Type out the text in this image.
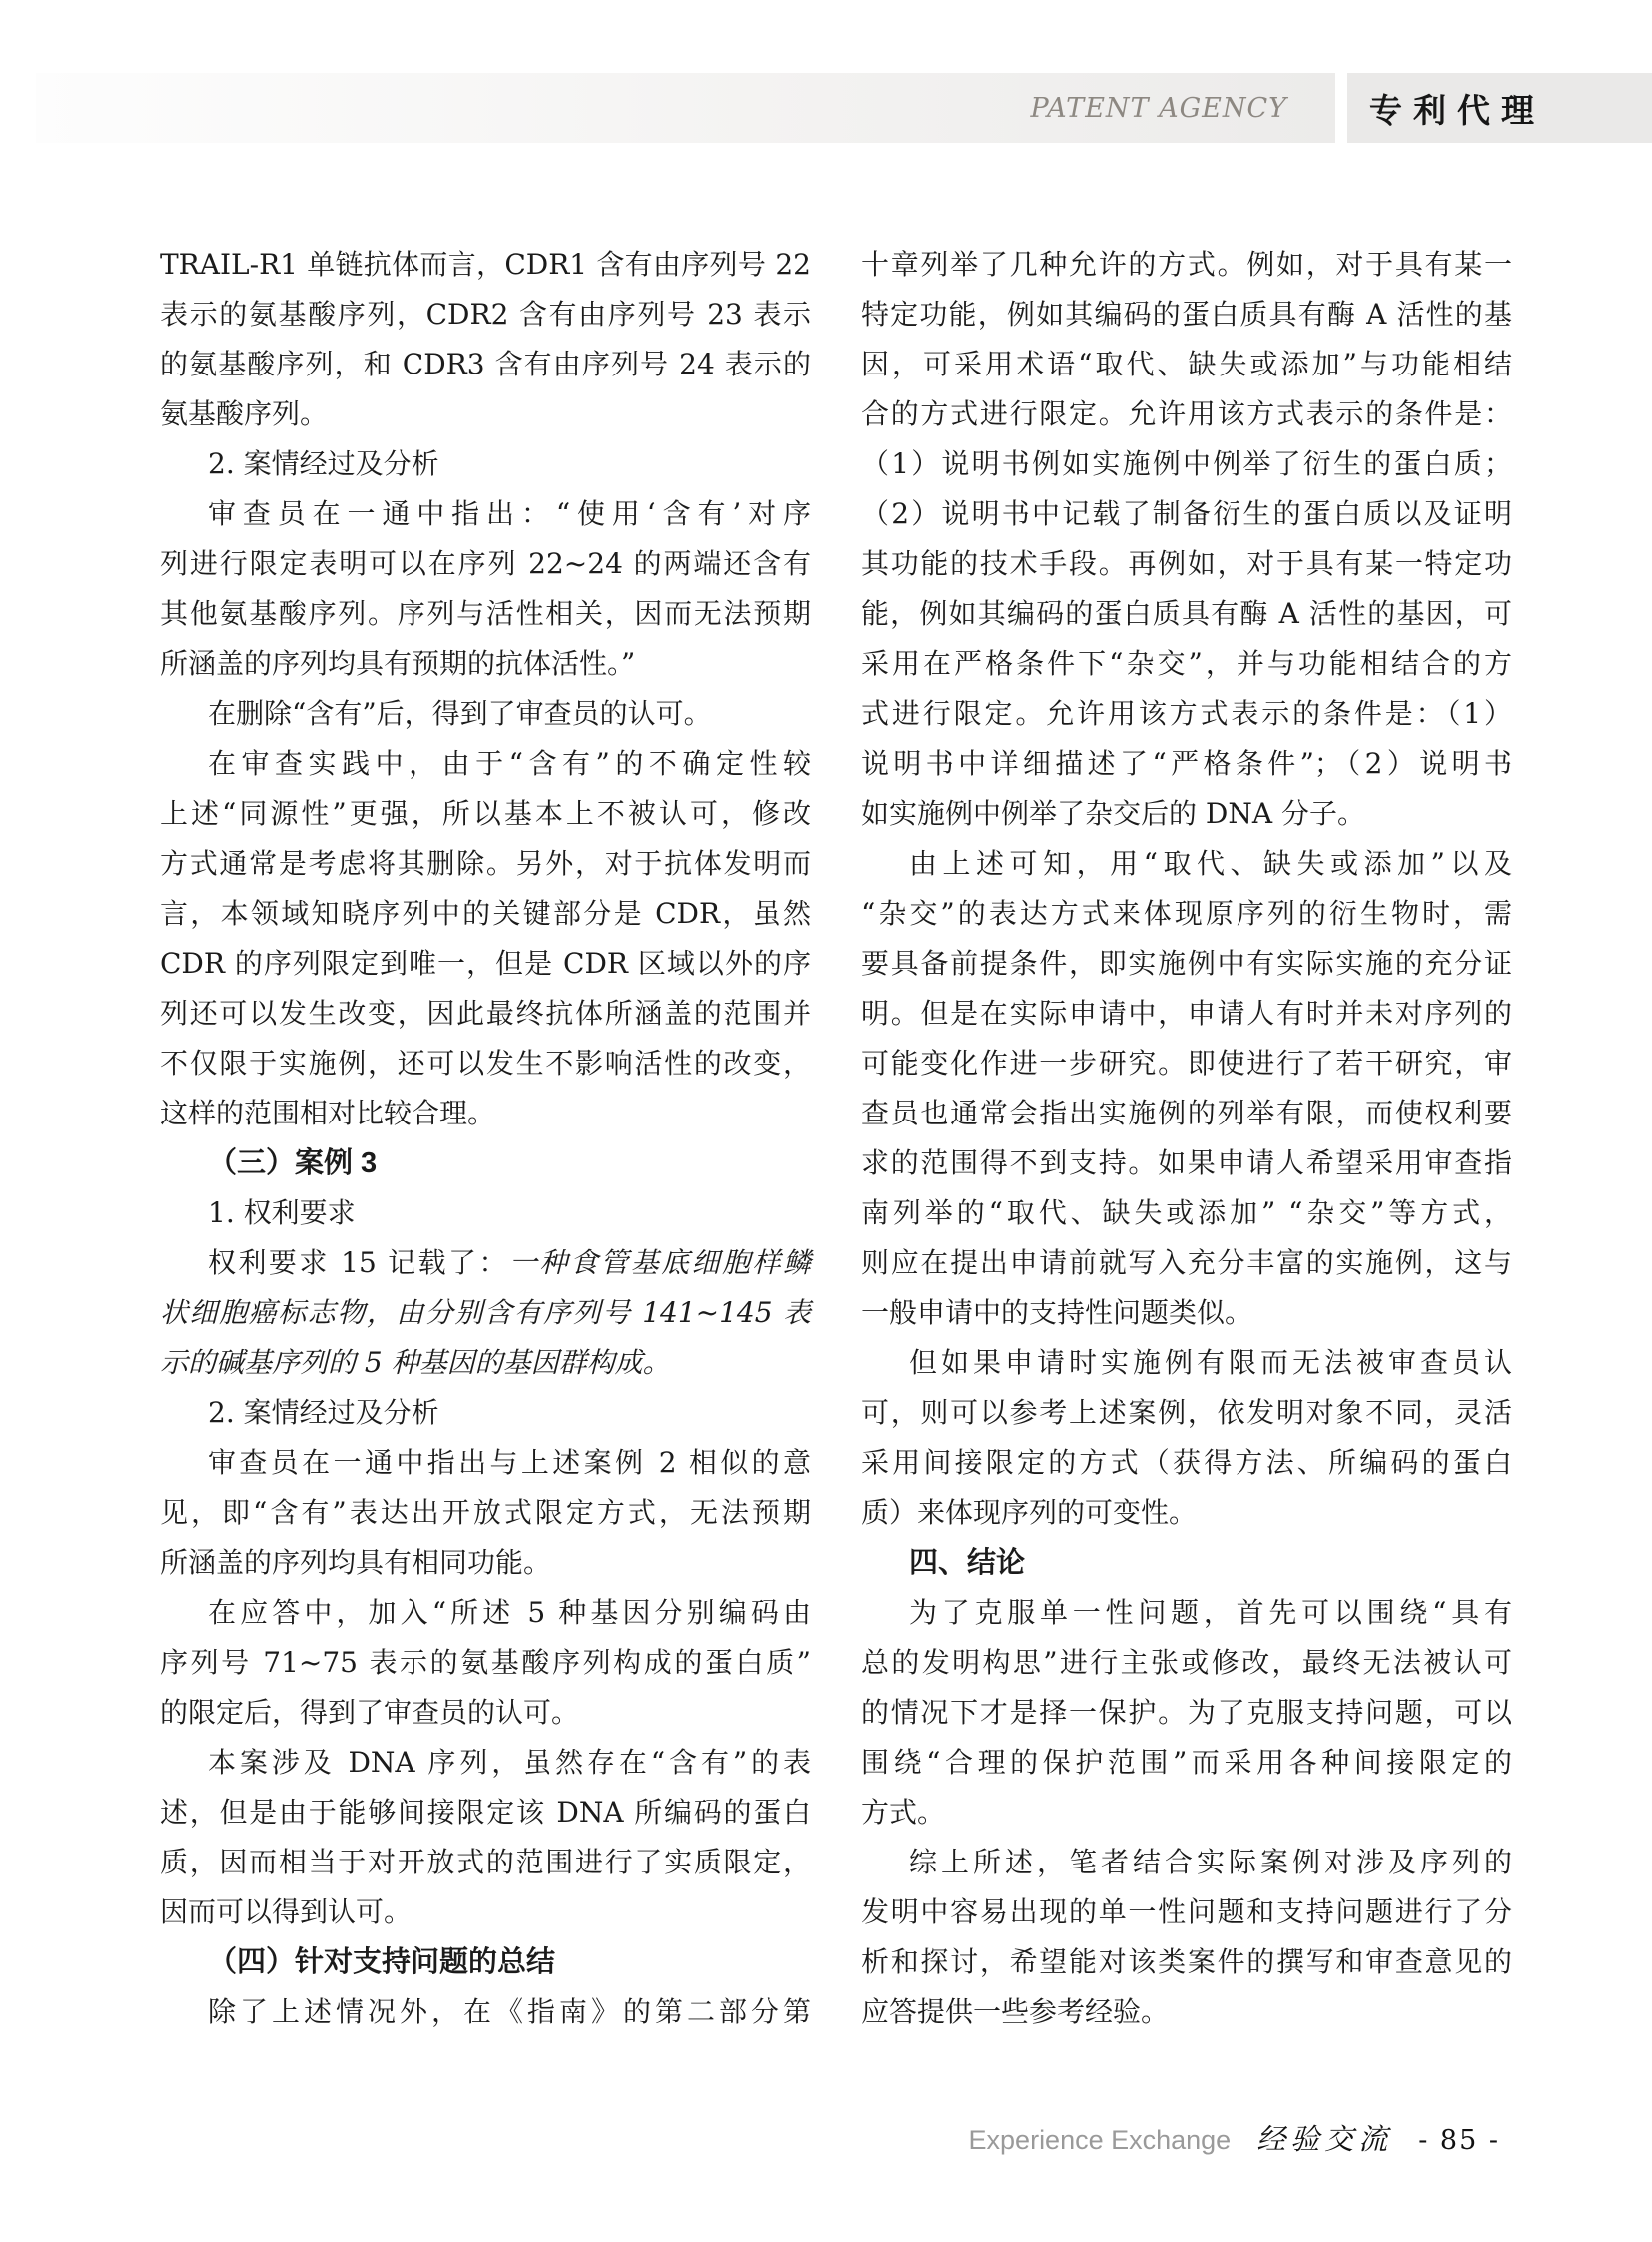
PATENT AGENCY	专利代理
TRAIL-R1 单链抗体而言，CDR1 含有由序列号 22
表示的氨基酸序列，CDR2 含有由序列号 23 表示
的氨基酸序列，和 CDR3 含有由序列号 24 表示的
氨基酸序列。
2. 案情经过及分析
审查员在一通中指出：“使用‘含有’对序
列进行限定表明可以在序列 22~24 的两端还含有
其他氨基酸序列。序列与活性相关，因而无法预期
所涵盖的序列均具有预期的抗体活性。”
在删除“含有”后，得到了审查员的认可。
在审查实践中，由于“含有”的不确定性较
上述“同源性”更强，所以基本上不被认可，修改
方式通常是考虑将其删除。另外，对于抗体发明而
言，本领域知晓序列中的关键部分是 CDR，虽然
CDR 的序列限定到唯一，但是 CDR 区域以外的序
列还可以发生改变，因此最终抗体所涵盖的范围并
不仅限于实施例，还可以发生不影响活性的改变，
这样的范围相对比较合理。
（三）案例 3
1. 权利要求
权利要求 15 记载了：一种食管基底细胞样鳞
状细胞癌标志物，由分别含有序列号 141~145 表
示的碱基序列的 5 种基因的基因群构成。
2. 案情经过及分析
审查员在一通中指出与上述案例 2 相似的意
见，即“含有”表达出开放式限定方式，无法预期
所涵盖的序列均具有相同功能。
在应答中，加入“所述 5 种基因分别编码由
序列号 71~75 表示的氨基酸序列构成的蛋白质”
的限定后，得到了审查员的认可。
本案涉及 DNA 序列，虽然存在“含有”的表
述，但是由于能够间接限定该 DNA 所编码的蛋白
质，因而相当于对开放式的范围进行了实质限定，
因而可以得到认可。
（四）针对支持问题的总结
除了上述情况外，在《指南》的第二部分第
十章列举了几种允许的方式。例如，对于具有某一
特定功能，例如其编码的蛋白质具有酶 A 活性的基
因，可采用术语“取代、缺失或添加”与功能相结
合的方式进行限定。允许用该方式表示的条件是：
（1）说明书例如实施例中例举了衍生的蛋白质；
（2）说明书中记载了制备衍生的蛋白质以及证明
其功能的技术手段。再例如，对于具有某一特定功
能，例如其编码的蛋白质具有酶 A 活性的基因，可
采用在严格条件下“杂交”，并与功能相结合的方
式进行限定。允许用该方式表示的条件是：（1）
说明书中详细描述了“严格条件”；（2）说明书
如实施例中例举了杂交后的 DNA 分子。
由上述可知，用“取代、缺失或添加”以及
“杂交”的表达方式来体现原序列的衍生物时，需
要具备前提条件，即实施例中有实际实施的充分证
明。但是在实际申请中，申请人有时并未对序列的
可能变化作进一步研究。即使进行了若干研究，审
查员也通常会指出实施例的列举有限，而使权利要
求的范围得不到支持。如果申请人希望采用审查指
南列举的“取代、缺失或添加” “杂交”等方式，
则应在提出申请前就写入充分丰富的实施例，这与
一般申请中的支持性问题类似。
但如果申请时实施例有限而无法被审查员认
可，则可以参考上述案例，依发明对象不同，灵活
采用间接限定的方式（获得方法、所编码的蛋白
质）来体现序列的可变性。
四、结论
为了克服单一性问题，首先可以围绕“具有
总的发明构思”进行主张或修改，最终无法被认可
的情况下才是择一保护。为了克服支持问题，可以
围绕“合理的保护范围”而采用各种间接限定的
方式。
综上所述，笔者结合实际案例对涉及序列的
发明中容易出现的单一性问题和支持问题进行了分
析和探讨，希望能对该类案件的撰写和审查意见的
应答提供一些参考经验。
Experience Exchange 经验交流 - 85 -
